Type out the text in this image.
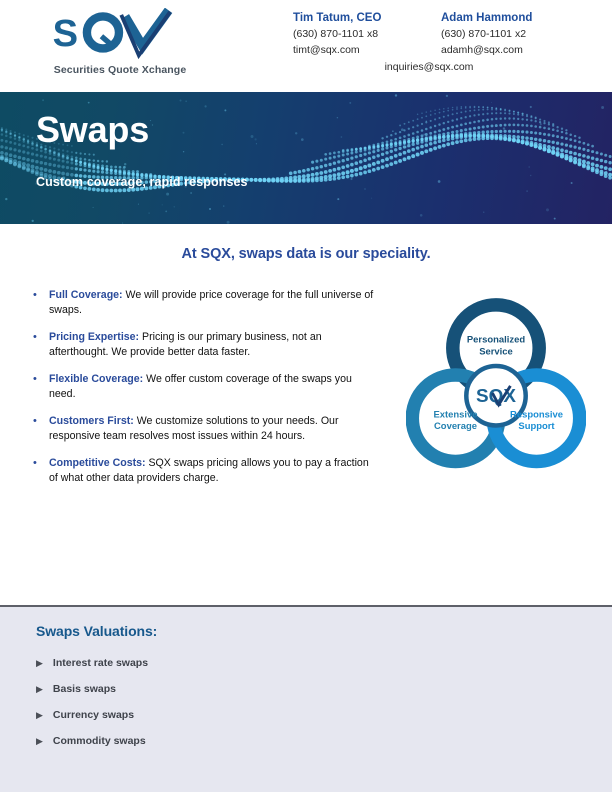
S
Securities Quote Xchange
Tim Tatum, CEO
(630) 870-1101 x8
timt@sqx.com
Adam Hammond
(630) 870-1101 x2
adamh@sqx.com
inquiries@sqx.com
Swaps
Custom coverage, rapid responses
At SQX, swaps data is our speciality.
•	Full Coverage: We will provide price coverage for the full universe of swaps.
•	Pricing Expertise: Pricing is our primary business, not an afterthought. We provide better data faster.
•	Flexible Coverage: We offer custom coverage of the swaps you need.
•	Customers First: We customize solutions to your needs. Our responsive team resolves most issues within 24 hours.
•	Competitive Costs: SQX swaps pricing allows you to pay a fraction of what other data providers charge.
SQX
Personalized
Service
Extensive
Coverage
Responsive
Support
Swaps Valuations:
▶ Interest rate swaps
▶ Basis swaps
▶ Currency swaps
▶ Commodity swaps
